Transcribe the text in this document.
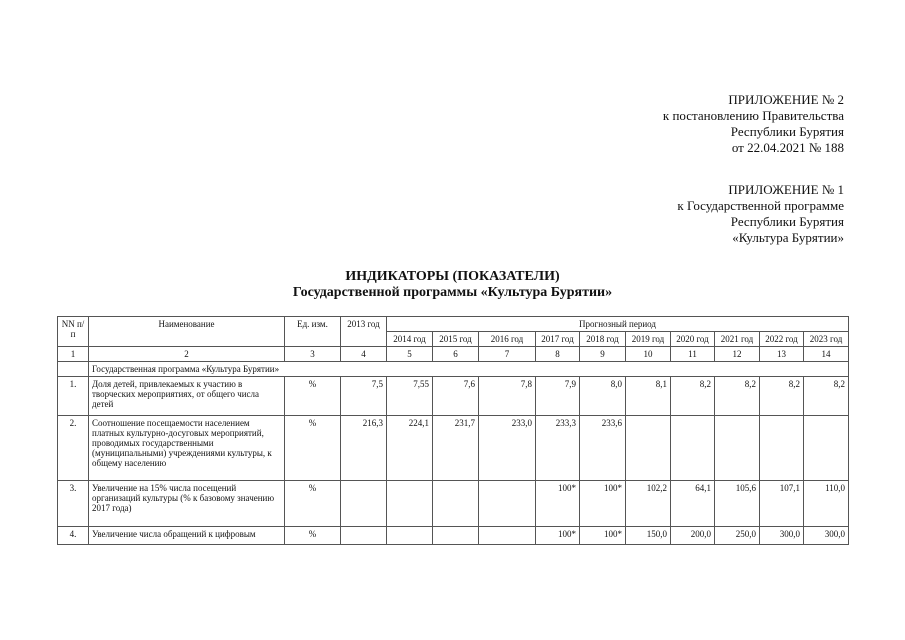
ПРИЛОЖЕНИЕ № 2
к постановлению Правительства
Республики Бурятия
от 22.04.2021 № 188
ПРИЛОЖЕНИЕ № 1
к Государственной программе
Республики Бурятия
«Культура Бурятии»
ИНДИКАТОРЫ (ПОКАЗАТЕЛИ)
Государственной программы «Культура Бурятии»
NN п/п	Наименование	Ед. изм.	2013 год	Прогнозный период									
				2014 год	2015 год	2016 год	2017 год	2018 год	2019 год	2020 год	2021 год	2022 год	2023 год
1	2	3	4	5	6	7	8	9	10	11	12	13	14
	Государственная программа «Культура Бурятии»												
1.	Доля детей, привлекаемых к участию в творческих мероприятиях, от общего числа детей	%	7,5	7,55	7,6	7,8	7,9	8,0	8,1	8,2	8,2	8,2	8,2
2.	Соотношение посещаемости населением платных культурно-досуговых мероприятий, проводимых государственными (муниципальными) учреждениями культуры, к общему населению	%	216,3	224,1	231,7	233,0	233,3	233,6					
3.	Увеличение на 15% числа посещений организаций культуры (% к базовому значению 2017 года)	%					100*	100*	102,2	64,1	105,6	107,1	110,0
4.	Увеличение числа обращений к цифровым	%					100*	100*	150,0	200,0	250,0	300,0	300,0
